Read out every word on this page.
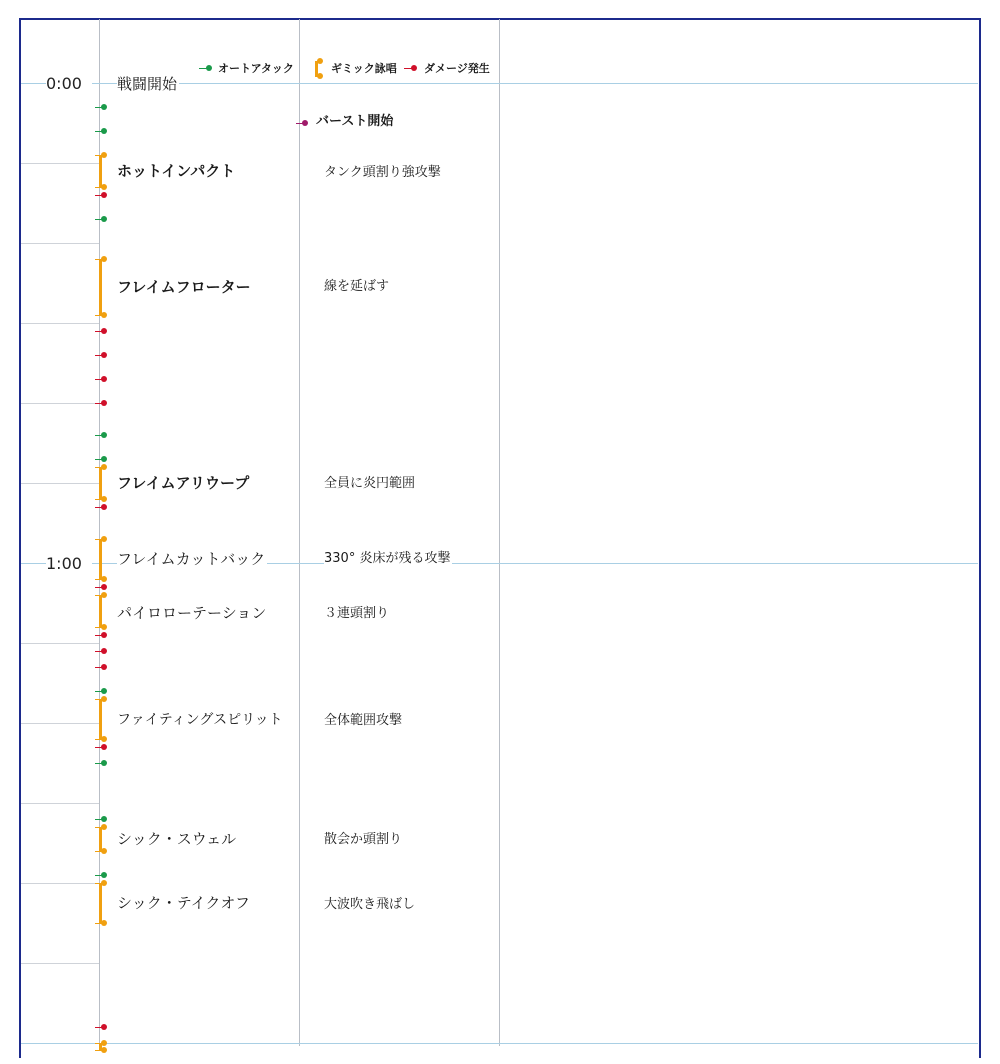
0:00
1:00
戦闘開始
オートアタック	ギミック詠唱 ダメージ発生
バースト開始
ホットインパクト	タンク頭割り強攻撃
フレイムフローター	線を延ばす
フレイムアリウープ	全員に炎円範囲
フレイムカットバック	330° 炎床が残る攻撃
パイロローテーション	３連頭割り
ファイティングスピリット	全体範囲攻撃
シック・スウェル	散会か頭割り
シック・テイクオフ	大波吹き飛ばし
